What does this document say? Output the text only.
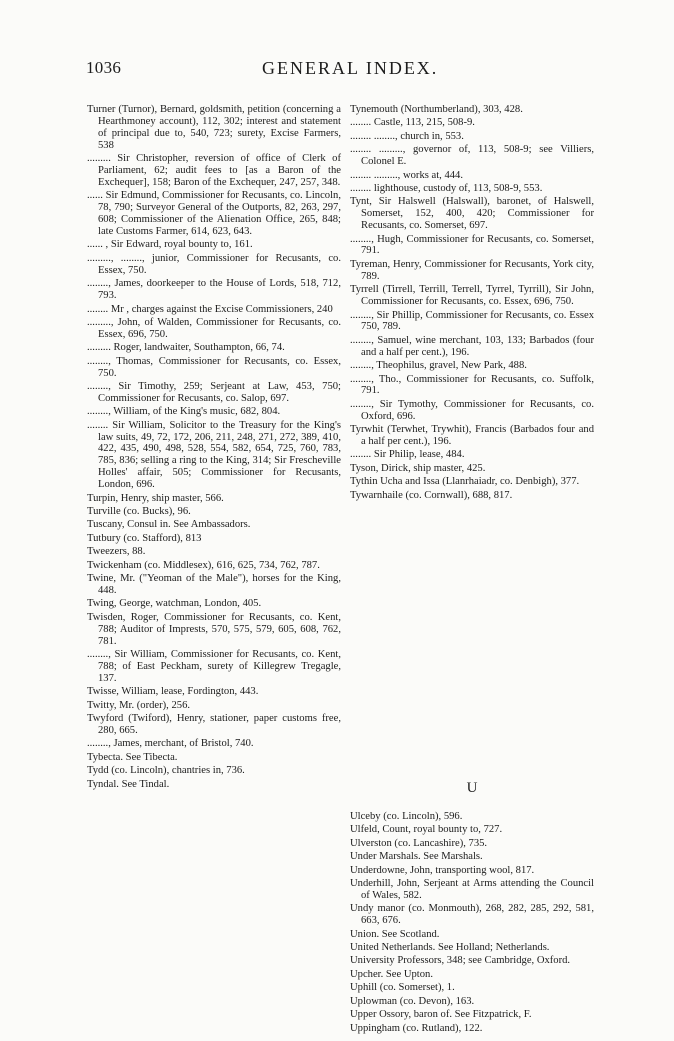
1036	GENERAL INDEX.
Turner (Turnor), Bernard, goldsmith, petition (concerning a Hearthmoney account), 112, 302; interest and statement of principal due to, 540, 723; surety, Excise Farmers, 538
......... Sir Christopher, reversion of office of Clerk of Parliament, 62; audit fees to [as a Baron of the Exchequer], 158; Baron of the Exchequer, 247, 257, 348.
...... Sir Edmund, Commissioner for Recusants, co. Lincoln, 78, 790; Surveyor General of the Outports, 82, 263, 297, 608; Commissioner of the Alienation Office, 265, 848; late Customs Farmer, 614, 623, 643.
...... , Sir Edward, royal bounty to, 161.
........., ........, junior, Commissioner for Recusants, co. Essex, 750.
........, James, doorkeeper to the House of Lords, 518, 712, 793.
........ Mr , charges against the Excise Commissioners, 240
........., John, of Walden, Commissioner for Recusants, co. Essex, 696, 750.
......... Roger, landwaiter, Southampton, 66, 74.
........, Thomas, Commissioner for Recusants, co. Essex, 750.
........, Sir Timothy, 259; Serjeant at Law, 453, 750; Commissioner for Recusants, co. Salop, 697.
........, William, of the King's music, 682, 804.
........ Sir William, Solicitor to the Treasury for the King's law suits, 49, 72, 172, 206, 211, 248, 271, 272, 389, 410, 422, 435, 490, 498, 528, 554, 582, 654, 725, 760, 783, 785, 836; selling a ring to the King, 314; Sir Frescheville Holles' affair, 505; Commissioner for Recusants, London, 696.
Turpin, Henry, ship master, 566.
Turville (co. Bucks), 96.
Tuscany, Consul in. See Ambassadors.
Tutbury (co. Stafford), 813
Tweezers, 88.
Twickenham (co. Middlesex), 616, 625, 734, 762, 787.
Twine, Mr. ("Yeoman of the Male"), horses for the King, 448.
Twing, George, watchman, London, 405.
Twisden, Roger, Commissioner for Recusants, co. Kent, 788; Auditor of Imprests, 570, 575, 579, 605, 608, 762, 781.
........, Sir William, Commissioner for Recusants, co. Kent, 788; of East Peckham, surety of Killegrew Tregagle, 137.
Twisse, William, lease, Fordington, 443.
Twitty, Mr. (order), 256.
Twyford (Twiford), Henry, stationer, paper customs free, 280, 665.
........, James, merchant, of Bristol, 740.
Tybecta. See Tibecta.
Tydd (co. Lincoln), chantries in, 736.
Tyndal. See Tindal.
Tynemouth (Northumberland), 303, 428.
........ Castle, 113, 215, 508-9.
........ ........, church in, 553.
........ ........., governor of, 113, 508-9; see Villiers, Colonel E.
........ ........., works at, 444.
........ lighthouse, custody of, 113, 508-9, 553.
Tynt, Sir Halswell (Halswall), baronet, of Halswell, Somerset, 152, 400, 420; Commissioner for Recusants, co. Somerset, 697.
........, Hugh, Commissioner for Recusants, co. Somerset, 791.
Tyreman, Henry, Commissioner for Recusants, York city, 789.
Tyrrell (Tirrell, Terrill, Terrell, Tyrrel, Tyrrill), Sir John, Commissioner for Recusants, co. Essex, 696, 750.
........, Sir Phillip, Commissioner for Recusants, co. Essex 750, 789.
........, Samuel, wine merchant, 103, 133; Barbados (four and a half per cent.), 196.
........, Theophilus, gravel, New Park, 488.
........, Tho., Commissioner for Recusants, co. Suffolk, 791.
........, Sir Tymothy, Commissioner for Recusants, co. Oxford, 696.
Tyrwhit (Terwhet, Trywhit), Francis (Barbados four and a half per cent.), 196.
........ Sir Philip, lease, 484.
Tyson, Dirick, ship master, 425.
Tythin Ucha and Issa (Llanrhaiadr, co. Denbigh), 377.
Tywarnhaile (co. Cornwall), 688, 817.
U
Ulceby (co. Lincoln), 596.
Ulfeld, Count, royal bounty to, 727.
Ulverston (co. Lancashire), 735.
Under Marshals. See Marshals.
Underdowne, John, transporting wool, 817.
Underhill, John, Serjeant at Arms attending the Council of Wales, 582.
Undy manor (co. Monmouth), 268, 282, 285, 292, 581, 663, 676.
Union. See Scotland.
United Netherlands. See Holland; Netherlands.
University Professors, 348; see Cambridge, Oxford.
Upcher. See Upton.
Uphill (co. Somerset), 1.
Uplowman (co. Devon), 163.
Upper Ossory, baron of. See Fitzpatrick, F.
Uppingham (co. Rutland), 122.
